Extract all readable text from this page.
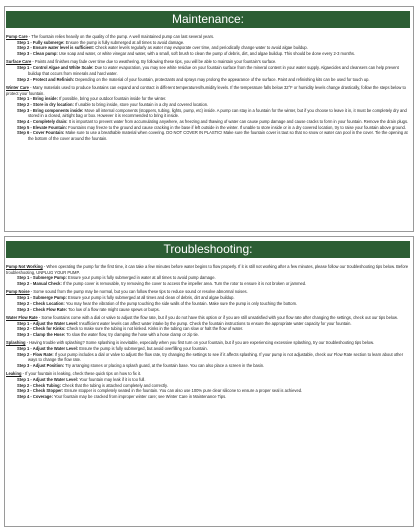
Maintenance:

Pump Care - The fountain relies heavily on the quality of the pump. A well maintained pump can last several years.

Step 1 - Fully submerge: Ensure the pump is fully submerged at all times to avoid damage.

Step 2 - Ensure water level is sufficient: Check water levels regularly as water may evaporate over time, and periodically change water to avoid algae buildup.

Step 3 - Clean pump: Use soap and water, or white vinegar and water, with a small, soft brush to clean the pump of debris, dirt, and algae buildup. This should be done every 2-3 months.

Surface Care - Paints and finishes may fade over time due to weathering. By following these tips, you will be able to maintain your fountain's surface.

Step 1 - Control Algae and White Scale: Due to water evaporation, you may see white residue on your fountain surface from the mineral content in your water supply. Algaecides and cleansers can help prevent buildup that occurs from minerals and hard water.

Step 2 - Protect and Refinish: Depending on the material of your fountain, protectants and sprays may prolong the appearance of the surface. Paint and refinishing kits can be used for touch up.

Winter Care - Many materials used to produce fountains can expand and contract in different temperatures/humidity levels. If the temperature falls below 32°F or humidity levels change drastically, follow the steps below to protect your fountain.

Step 1 - Bring inside: If possible, bring your outdoor fountain inside for the winter.

Step 2 - Store in dry location: If unable to bring inside, store your fountain in a dry and covered location.

Step 3 - Bring components inside: Move all internal components (stoppers, tubing, lights, pump, etc) inside. A pump can stay in a fountain for the winter, but if you choose to leave it in, it must be completely dry and stored in a closed, airtight bag or box. However it is recommended to bring it inside.

Step 4 - Completely drain: It is important to prevent water from accumulating anywhere, as freezing and thawing of water can cause pump damage and cause cracks to form in your fountain. Remove the drain plugs.

Step 5 - Elevate Fountain: Fountains may freeze to the ground and cause cracking in the base if left outside in the winter. If unable to store inside or in a dry covered location, try to raise your fountain above ground.

Step 6 - Cover Fountain: Make sure to use a breathable material when covering. DO NOT COVER IN PLASTIC! Make sure the fountain cover is taut so that no snow or water can pool in the cover. Tie the opening at the bottom of the cover around the fountain.

Troubleshooting:

Pump Not Working - When operating the pump for the first time, it can take a few minutes before water begins to flow properly. If it is still not working after a few minutes, please follow our troubleshooting tips below. Before troubleshooting, UNPLUG YOUR PUMP.

Step 1 - Submerge Pump: Ensure your pump is fully submerged in water at all times to avoid pump damage.

Step 2 - Manual Check: If the pump cover is removable, try removing the cover to access the impeller area. Turn the rotor to ensure it is not broken or jammed.

Pump Noise - Some sound from the pump may be normal, but you can follow these tips to reduce sound or resolve abnormal noises.

Step 1 - Submerge Pump: Ensure your pump is fully submerged at all times and clean of debris, dirt and algae buildup.

Step 2 - Check Location: You may hear the vibration of the pump touching the side walls of the fountain. Make sure the pump is only touching the bottom.

Step 3 - Check Flow Rate: Too low of a flow rate might cause spews or burps.

Water Flow Rate - Some fountains come with a dial or valve to adjust the flow rate, but if you do not have this option or if you are still unsatisfied with your flow rate after changing the settings, check out our tips below.

Step 1 - Adjust the Water Level: Insufficient water levels can affect water intake by the pump. Check the fountain instructions to ensure the appropriate water capacity for your fountain.

Step 2 - Check for Kinks: Check to make sure the tubing is not kinked. Kinks in the tubing can slow or halt the flow of water.

Step 3 - Clamp the Hose: To slow the water flow, try clamping the hose with a hose clamp or zip tie.

Splashing - Having trouble with splashing? Some splashing is inevitable, especially when you first turn on your fountain, but if you are experiencing excessive splashing, try our troubleshooting tips below.

Step 1 - Adjust the Water Level: Ensure the pump is fully submerged, but avoid overfilling your fountain.

Step 2 - Flow Rate: If your pump includes a dial or valve to adjust the flow rate, try changing the settings to see if it affects splashing. If your pump is not adjustable, check our Flow Rate section to learn about other ways to change the flow rate.

Step 3 - Adjust Position: Try arranging stones or placing a splash guard, at the fountain base. You can also place a screen in the basin.

Leaking - If your fountain is leaking, check these quick tips on how to fix it.

Step 1 - Adjust the Water Level: Your fountain may leak if it is too full.

Step 2 - Check Tubing: Check that the tubing is attached completely and correctly.

Step 3 - Check Stopper: Ensure stopper is completely seated in the fountain. You can also use 100% pure clear silicone to ensure a proper seal is achieved.

Step 4 - Coverage: Your fountain may be cracked from improper winter care; see Winter Care in Maintenance Tips.
